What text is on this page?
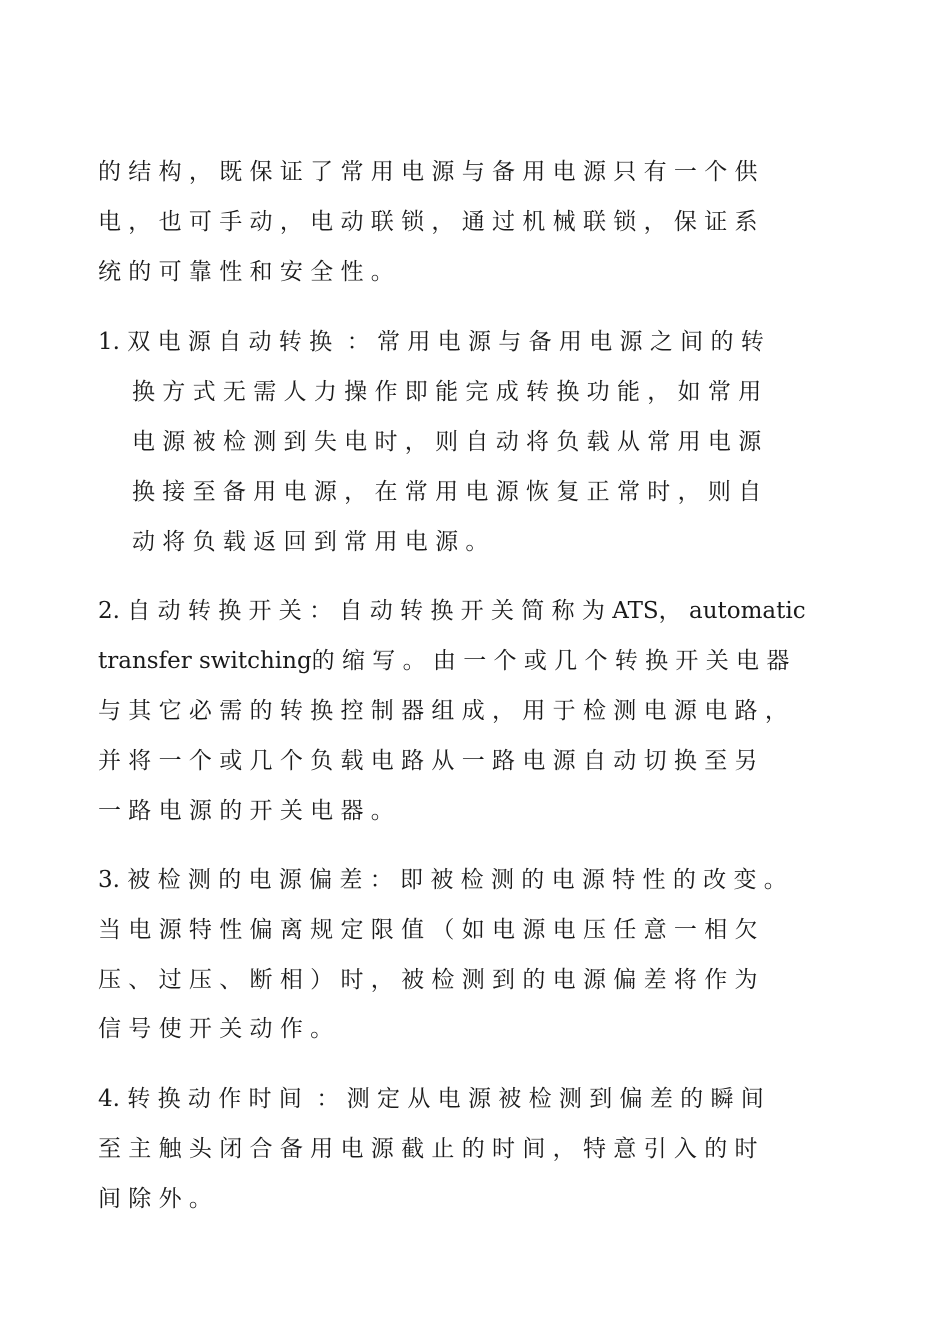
的 结 构 ， 既 保 证 了 常 用 电 源 与 备 用 电 源 只 有 一 个 供
电 ， 也 可 手 动 ， 电 动 联 锁 ， 通 过 机 械 联 锁 ， 保 证 系
统 的 可 靠 性 和 安 全 性 。
1. 双 电 源 自 动 转 换  ： 常 用 电 源 与 备 用 电 源 之 间 的 转
换 方 式 无 需 人 力 操 作 即 能 完 成 转 换 功 能 ， 如 常 用
电 源 被 检 测 到 失 电 时 ， 则 自 动 将 负 载 从 常 用 电 源
换 接 至 备 用 电 源 ， 在 常 用 电 源 恢 复 正 常 时 ， 则 自
动 将 负 载 返 回 到 常 用 电 源 。
2. 自 动 转 换 开 关 ： 自 动 转 换 开 关 简 称 为 ATS， automatic
transfer switching的 缩 写 。 由 一 个 或 几 个 转 换 开 关 电 器
与 其 它 必 需 的 转 换 控 制 器 组 成 ， 用 于 检 测 电 源 电 路 ，
并 将 一 个 或 几 个 负 载 电 路 从 一 路 电 源 自 动 切 换 至 另
一 路 电 源 的 开 关 电 器 。
3. 被 检 测 的 电 源 偏 差 ： 即 被 检 测 的 电 源 特 性 的 改 变 。
当 电 源 特 性 偏 离 规 定 限 值 （ 如 电 源 电 压 任 意 一 相 欠
压 、 过 压 、 断 相 ） 时 ， 被 检 测 到 的 电 源 偏 差 将 作 为
信 号 使 开 关 动 作 。
4. 转 换 动 作 时 间  ： 测 定 从 电 源 被 检 测 到 偏 差 的 瞬 间
至 主 触 头 闭 合 备 用 电 源 截 止 的 时 间 ， 特 意 引 入 的 时
间 除 外 。
